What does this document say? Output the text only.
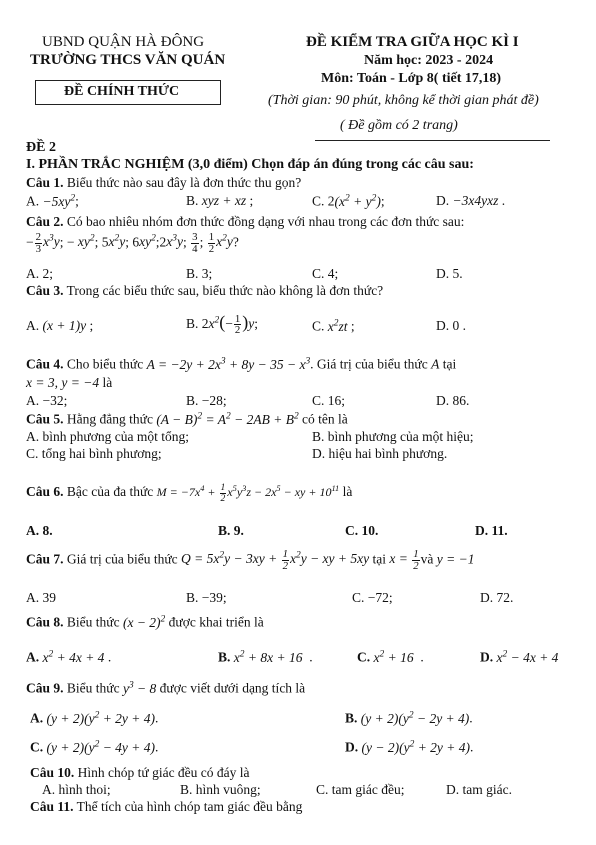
UBND QUẬN HÀ ĐÔNG
TRƯỜNG THCS VĂN QUÁN
ĐỀ CHÍNH THỨC
ĐỀ KIỂM TRA GIỮA HỌC KÌ I
Năm học: 2023 - 2024
Môn: Toán - Lớp 8( tiết 17,18)
(Thời gian: 90 phút, không kể thời gian phát đề)
( Đề gồm có 2 trang)
ĐỀ 2
I. PHẦN TRẮC NGHIỆM (3,0 điểm) Chọn đáp án đúng trong các câu sau:
Câu 1. Biểu thức nào sau đây là đơn thức thu gọn?
A. $-5xy^2$;	B. xyz + xz ;	C. $2(x^2 + y^2)$;	D. −3x4yxz .
Câu 2. Có bao nhiêu nhóm đơn thức đồng dạng với nhau trong các đơn thức sau:
− $\frac{2}{3} x^3y$; − $xy^2$; $5x^2y$; $6xy^2;2x^3y$; $\frac{3}{4}$ ; $\frac{1}{2} x^2y$?
A. 2;	B. 3;	C. 4;	D. 5.
Câu 3. Trong các biểu thức sau, biểu thức nào không là đơn thức?
A. (x + 1)y ;	B. $2x^2(- \frac{1}{2} )y$;	C. $x^2zt$ ;	D. 0 .
Câu 4. Cho biểu thức $A = -2y + 2x^3 + 8y - 35 - x^3$. Giá trị của biểu thức A tại
x = 3, y = −4 là
A. −32;	B. −28;	C. 16;	D. 86.
Câu 5. Hằng đẳng thức $(A - B)^2 = A^2 - 2AB + B^2$ có tên là
A. bình phương của một tổng;	B. bình phương của một hiệu;
C. tổng hai bình phương;	D. hiệu hai bình phương.
Câu 6. Bậc của đa thức $M = -7x^4 + \frac{1}{2} x^5y^3z - 2x^5$ − xy + $10^{11}$ là
A. 8.	B. 9.	C. 10.	D. 11.
Câu 7. Giá trị của biểu thức $Q = 5x^2y - 3xy + \frac{1}{2} x^2y$ − xy + 5xy tại $x = \frac{1}{2}$ và y = −1
A. 39	B. −39;	C. −72;	D. 72.
Câu 8. Biểu thức $(x - 2)^2$ được khai triển là
A. $x^2 + 4x + 4$ .	B. $x^2 + 8x + 16$  .	C. $x^2 + 16$  .	D. $x^2 - 4x + 4$
Câu 9. Biểu thức $y^3 - 8$ được viết dưới dạng tích là
A. $(y + 2)(y^2 + 2y + 4)$.	B. $(y + 2)(y^2 - 2y + 4)$.
C. $(y + 2)(y^2 - 4y + 4)$.	D. $(y - 2)(y^2 + 2y + 4)$.
Câu 10. Hình chóp tứ giác đều có đáy là
A. hình thoi;	B. hình vuông;	C. tam giác đều;	D. tam giác.
Câu 11. Thể tích của hình chóp tam giác đều bằng
